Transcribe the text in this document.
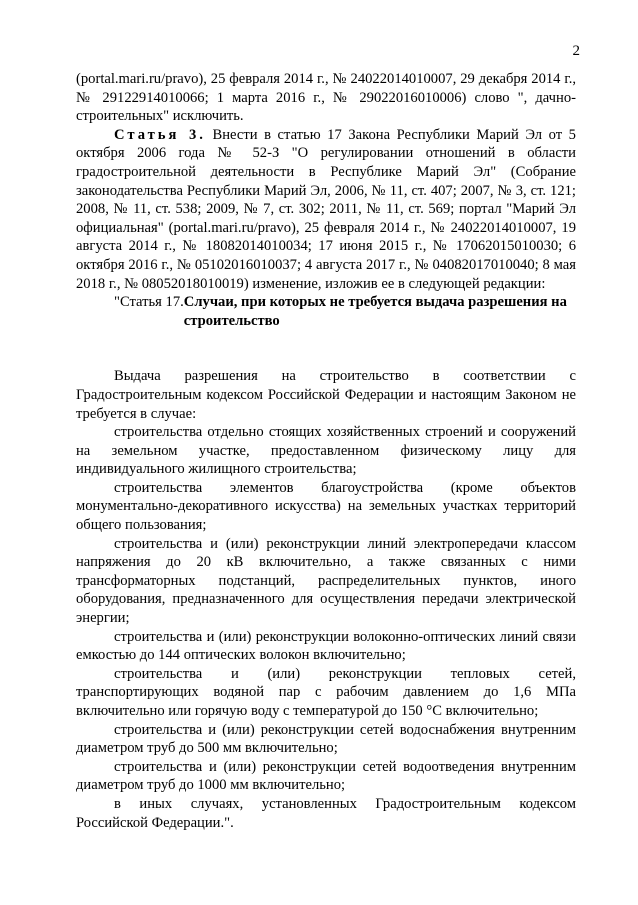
2

(portal.mari.ru/pravo), 25 февраля 2014 г., № 24022014010007, 29 декабря 2014 г., № 29122914010066; 1 марта 2016 г., № 29022016010006) слово ", дачно-строительных" исключить.

Статья 3. Внести в статью 17 Закона Республики Марий Эл от 5 октября 2006 года № 52-З "О регулировании отношений в области градостроительной деятельности в Республике Марий Эл" (Собрание законодательства Республики Марий Эл, 2006, № 11, ст. 407; 2007, № 3, ст. 121; 2008, № 11, ст. 538; 2009, № 7, ст. 302; 2011, № 11, ст. 569; портал "Марий Эл официальная" (portal.mari.ru/pravo), 25 февраля 2014 г., № 24022014010007, 19 августа 2014 г., № 18082014010034; 17 июня 2015 г., № 17062015010030; 6 октября 2016 г., № 05102016010037; 4 августа 2017 г., № 04082017010040; 8 мая 2018 г., № 08052018010019) изменение, изложив ее в следующей редакции:

"Статья 17. Случаи, при которых не требуется выдача разрешения на строительство

Выдача разрешения на строительство в соответствии с Градостроительным кодексом Российской Федерации и настоящим Законом не требуется в случае:

строительства отдельно стоящих хозяйственных строений и сооружений на земельном участке, предоставленном физическому лицу для индивидуального жилищного строительства;

строительства элементов благоустройства (кроме объектов монументально-декоративного искусства) на земельных участках территорий общего пользования;

строительства и (или) реконструкции линий электропередачи классом напряжения до 20 кВ включительно, а также связанных с ними трансформаторных подстанций, распределительных пунктов, иного оборудования, предназначенного для осуществления передачи электрической энергии;

строительства и (или) реконструкции волоконно-оптических линий связи емкостью до 144 оптических волокон включительно;

строительства и (или) реконструкции тепловых сетей, транспортирующих водяной пар с рабочим давлением до 1,6 МПа включительно или горячую воду с температурой до 150 °С включительно;

строительства и (или) реконструкции сетей водоснабжения внутренним диаметром труб до 500 мм включительно;

строительства и (или) реконструкции сетей водоотведения внутренним диаметром труб до 1000 мм включительно;

в иных случаях, установленных Градостроительным кодексом Российской Федерации.".
